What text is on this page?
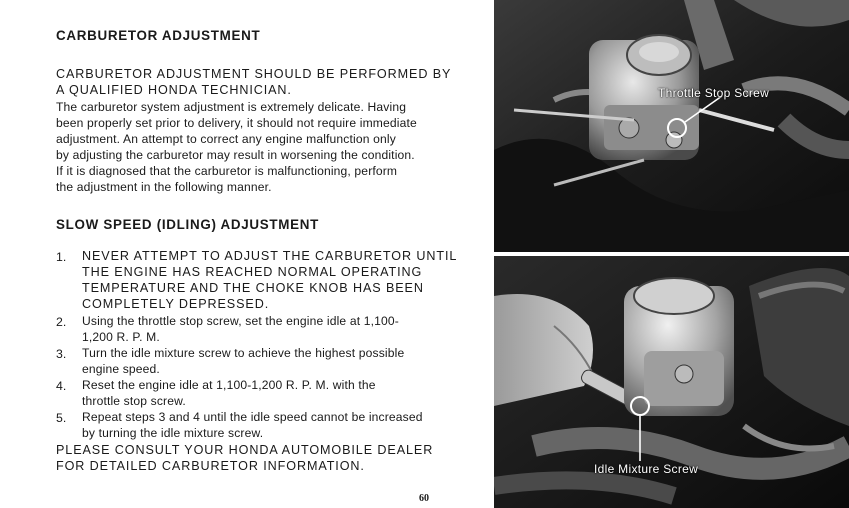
CARBURETOR ADJUSTMENT
CARBURETOR ADJUSTMENT SHOULD BE PERFORMED BY
A QUALIFIED HONDA TECHNICIAN.
The carburetor system adjustment is extremely delicate. Having
been properly set prior to delivery, it should not require immediate
adjustment. An attempt to correct any engine malfunction only
by adjusting the carburetor may result in worsening the condition.
If it is diagnosed that the carburetor is malfunctioning, perform
the adjustment in the following manner.
SLOW SPEED (IDLING) ADJUSTMENT
1. NEVER ATTEMPT TO ADJUST THE CARBURETOR UNTIL
THE ENGINE HAS REACHED NORMAL OPERATING
TEMPERATURE AND THE CHOKE KNOB HAS BEEN
COMPLETELY DEPRESSED.
2. Using the throttle stop screw, set the engine idle at 1,100-
1,200 R. P. M.
3. Turn the idle mixture screw to achieve the highest possible
engine speed.
4. Reset the engine idle at 1,100-1,200 R. P. M. with the
throttle stop screw.
5. Repeat steps 3 and 4 until the idle speed cannot be increased
by turning the idle mixture screw.
PLEASE CONSULT YOUR HONDA AUTOMOBILE DEALER
FOR DETAILED CARBURETOR INFORMATION.
60
Throttle Stop Screw
Idle Mixture Screw
